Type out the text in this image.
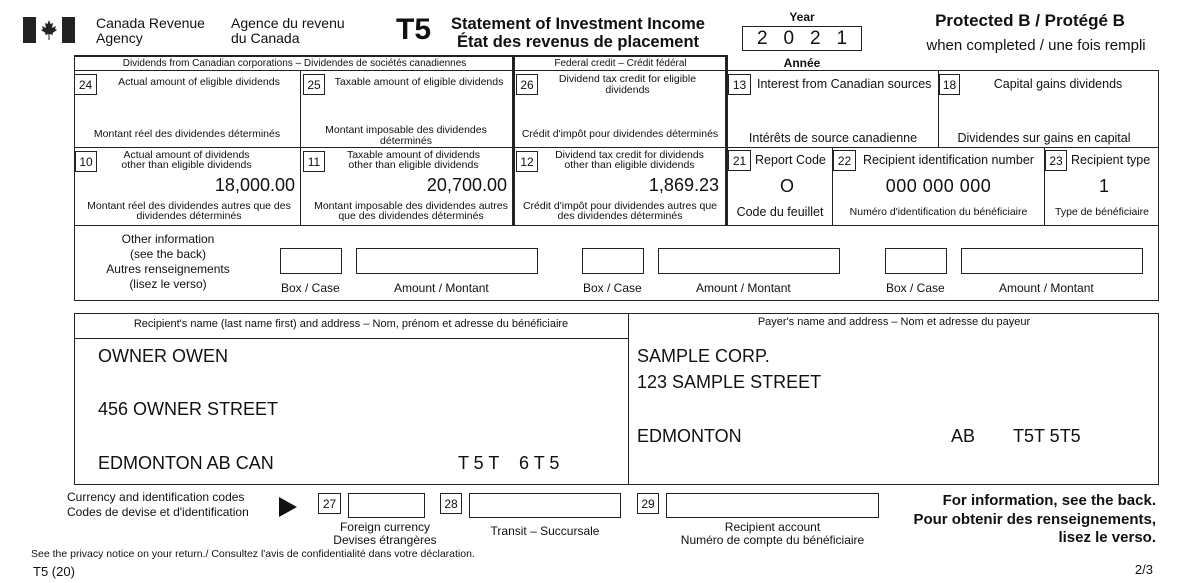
Canada Revenue
Agency
Agence du revenu
du Canada	T5	Statement of Investment Income
État des revenus de placement
Year
2 0 2 1
Année
Protected B / Protégé B
when completed / une fois rempli
Dividends from Canadian corporations – Dividendes de sociétés canadiennes	Federal credit – Crédit fédéral
24	Actual amount of eligible dividends
Montant réel des dividendes déterminés
25	Taxable amount of eligible dividends
Montant imposable des dividendes déterminés
26	Dividend tax credit for eligible dividends
Crédit d'impôt pour dividendes déterminés
13 Interest from Canadian sources
Intérêts de source canadienne
18	Capital gains dividends
Dividendes sur gains en capital
10	Actual amount of dividends other than eligible dividends
18,000.00
Montant réel des dividendes autres que des dividendes déterminés
11	Taxable amount of dividends other than eligible dividends
20,700.00
Montant imposable des dividendes autres que des dividendes déterminés
12	Dividend tax credit for dividends other than eligible dividends
1,869.23
Crédit d'impôt pour dividendes autres que des dividendes déterminés
21 Report Code
O
Code du feuillet
22 Recipient identification number
000 000 000
Numéro d'identification du bénéficiaire
23 Recipient type
1
Type de bénéficiaire
Other information
(see the back)
Autres renseignements
(lisez le verso)	Box / Case	Amount / Montant	Box / Case	Amount / Montant	Box / Case	Amount / Montant
Recipient's name (last name first) and address – Nom, prénom et adresse du bénéficiaire
OWNER OWEN
456 OWNER STREET
EDMONTON AB CAN	T 5 T    6 T 5
Payer's name and address – Nom et adresse du payeur
SAMPLE CORP.
123 SAMPLE STREET
EDMONTON	AB T5T 5T5
Currency and identification codes
Codes de devise et d'identification
27
Foreign currency
Devises étrangères
28
Transit – Succursale
29
Recipient account
Numéro de compte du bénéficiaire
For information, see the back.
Pour obtenir des renseignements,
lisez le verso.
See the privacy notice on your return./ Consultez l'avis de confidentialité dans votre déclaration.
T5 (20)	2/3
